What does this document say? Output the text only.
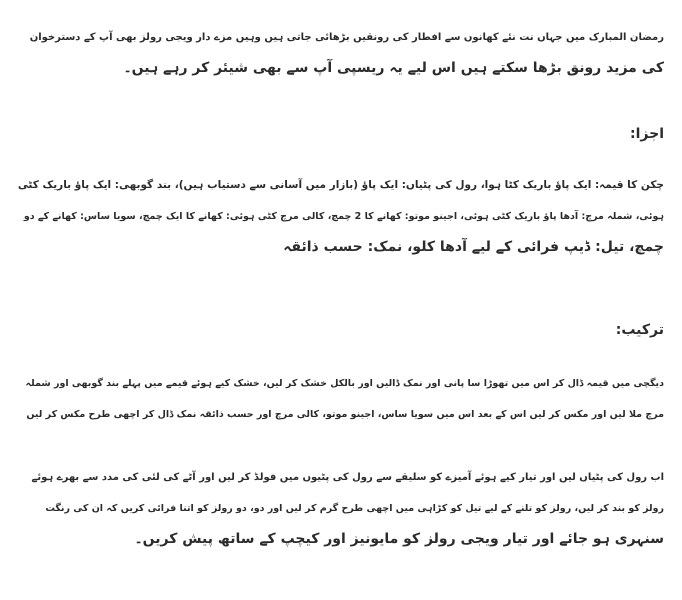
رمضان المبارک میں جہاں نت نئے کھانوں سے افطار کی رونقیں بڑھائی جاتی ہیں وہیں مزے دار ویجی رولز بھی آپ کے دسترخوان
کی مزید رونق بڑھا سکتے ہیں اس لیے یہ ریسپی آپ سے بھی شیئر کر رہے ہیں۔

اجزا:

چکن کا قیمہ: ایک پاؤ باریک کٹا ہوا، رول کی پٹیاں: ایک پاؤ (بازار میں آسانی سے دستیاب ہیں)، بند گوبھی: ایک پاؤ باریک کٹی
ہوئی، شملہ مرچ: آدھا پاؤ باریک کٹی ہوئی، اجینو موتو: کھانے کا 2 چمچ، کالی مرچ کٹی ہوئی: کھانے کا ایک چمچ، سویا ساس: کھانے کے دو
چمچ، تیل: ڈیپ فرائی کے لیے آدھا کلو، نمک: حسب ذائقہ

ترکیب:

دیگچی میں قیمہ ڈال کر اس میں تھوڑا سا پانی اور نمک ڈالیں اور بالکل خشک کر لیں، خشک کیے ہوئے قیمے میں پہلے بند گوبھی اور شملہ
مرچ ملا لیں اور مکس کر لیں اس کے بعد اس میں سویا ساس، اجینو موتو، کالی مرچ اور حسب ذائقہ نمک ڈال کر اچھی طرح مکس کر لیں

اب رول کی پٹیاں لیں اور تیار کیے ہوئے آمیزے کو سلیقے سے رول کی پٹیوں میں فولڈ کر لیں اور آٹے کی لئی کی مدد سے بھرے ہوئے
رولز کو بند کر لیں، رولز کو تلنے کے لیے تیل کو کڑاہی میں اچھی طرح گرم کر لیں اور دو، دو رولز کو اتنا فرائی کریں کہ ان کی رنگت
سنہری ہو جائے اور تیار ویجی رولز کو مایونیز اور کیچپ کے ساتھ پیش کریں۔
